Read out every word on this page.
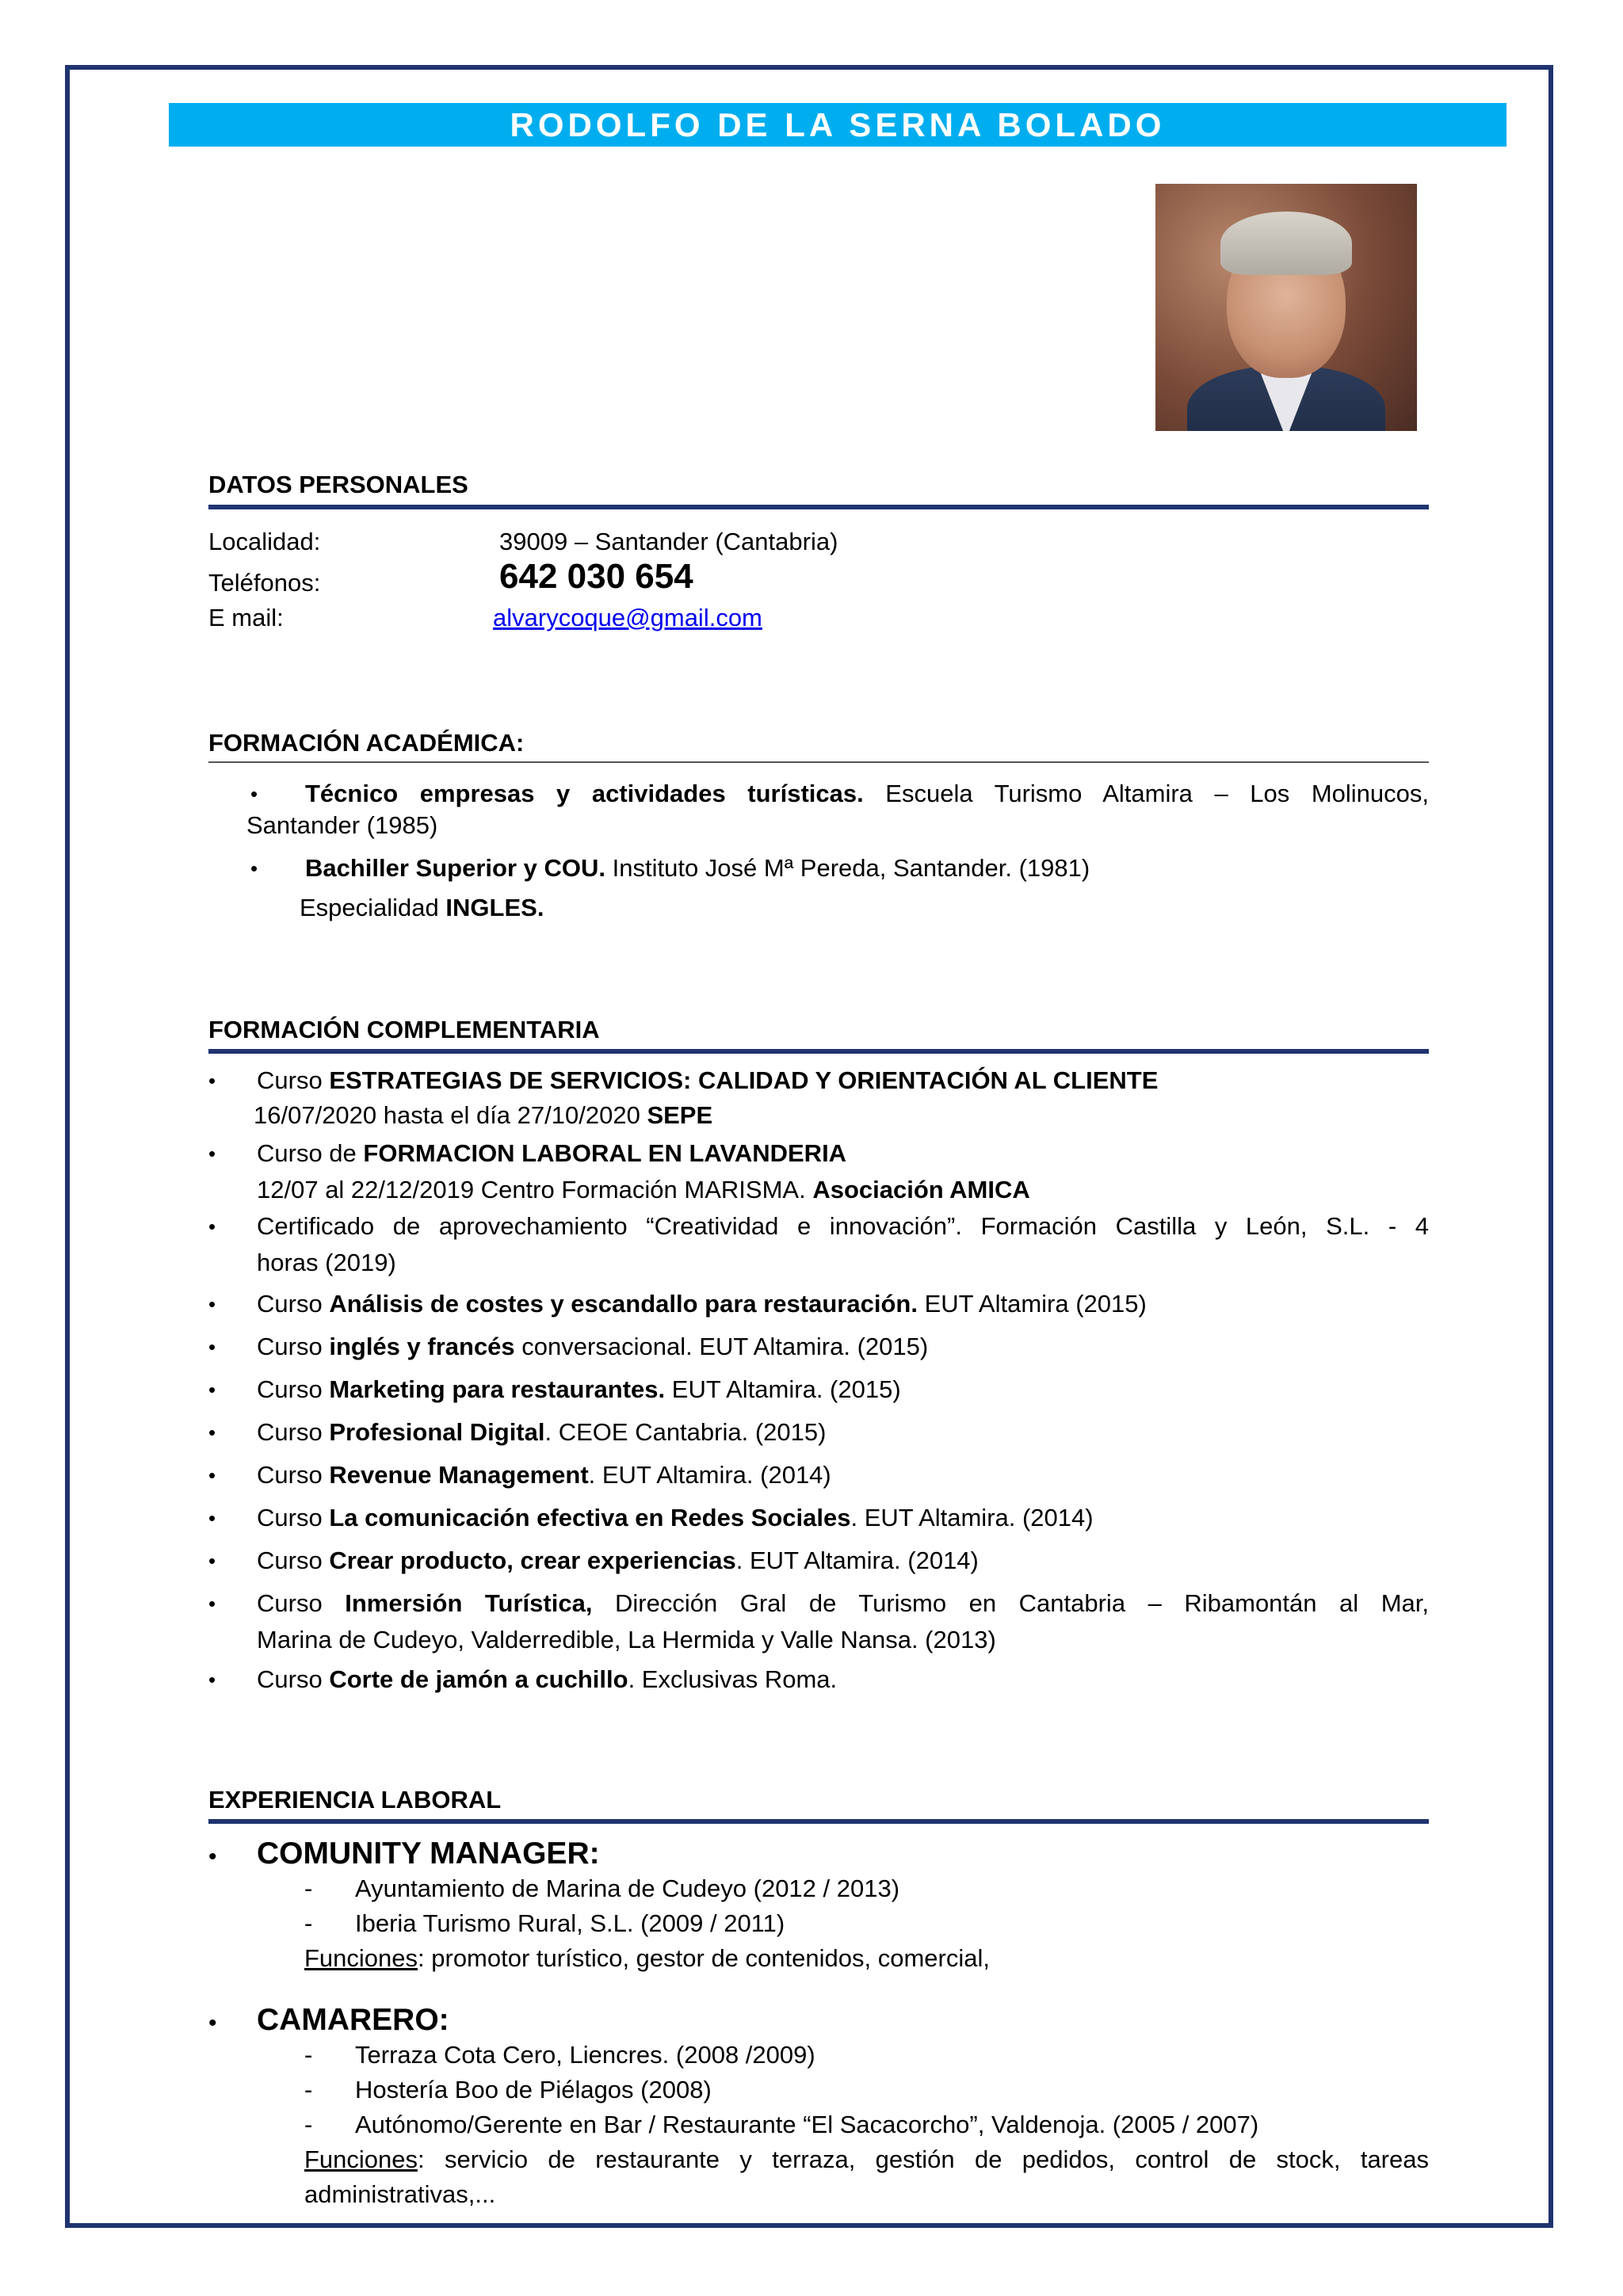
RODOLFO DE LA SERNA BOLADO
DATOS PERSONALES
Localidad:	39009 – Santander (Cantabria)
Teléfonos:	642 030 654
E mail:	alvarycoque@gmail.com
FORMACIÓN ACADÉMICA:
• Técnico empresas y actividades turísticas. Escuela Turismo Altamira – Los Molinucos,
Santander (1985)
• Bachiller Superior y COU. Instituto José Mª Pereda, Santander. (1981)
Especialidad INGLES.
FORMACIÓN COMPLEMENTARIA
• Curso ESTRATEGIAS DE SERVICIOS: CALIDAD Y ORIENTACIÓN AL CLIENTE
16/07/2020 hasta el día 27/10/2020 SEPE
• Curso de FORMACION LABORAL EN LAVANDERIA
12/07 al 22/12/2019 Centro Formación MARISMA. Asociación AMICA
• Certificado de aprovechamiento “Creatividad e innovación”. Formación Castilla y León, S.L. - 4
horas (2019)
• Curso Análisis de costes y escandallo para restauración. EUT Altamira (2015)
• Curso inglés y francés conversacional. EUT Altamira. (2015)
• Curso Marketing para restaurantes. EUT Altamira. (2015)
• Curso Profesional Digital. CEOE Cantabria. (2015)
• Curso Revenue Management. EUT Altamira. (2014)
• Curso La comunicación efectiva en Redes Sociales. EUT Altamira. (2014)
• Curso Crear producto, crear experiencias. EUT Altamira. (2014)
• Curso Inmersión Turística, Dirección Gral de Turismo en Cantabria – Ribamontán al Mar,
Marina de Cudeyo, Valderredible, La Hermida y Valle Nansa. (2013)
• Curso Corte de jamón a cuchillo. Exclusivas Roma.
EXPERIENCIA LABORAL
• COMUNITY MANAGER:
- Ayuntamiento de Marina de Cudeyo (2012 / 2013)
- Iberia Turismo Rural, S.L. (2009 / 2011)
Funciones: promotor turístico, gestor de contenidos, comercial,
• CAMARERO:
- Terraza Cota Cero, Liencres. (2008 /2009)
- Hostería Boo de Piélagos (2008)
- Autónomo/Gerente en Bar / Restaurante “El Sacacorcho”, Valdenoja. (2005 / 2007)
Funciones: servicio de restaurante y terraza, gestión de pedidos, control de stock, tareas
administrativas,...
